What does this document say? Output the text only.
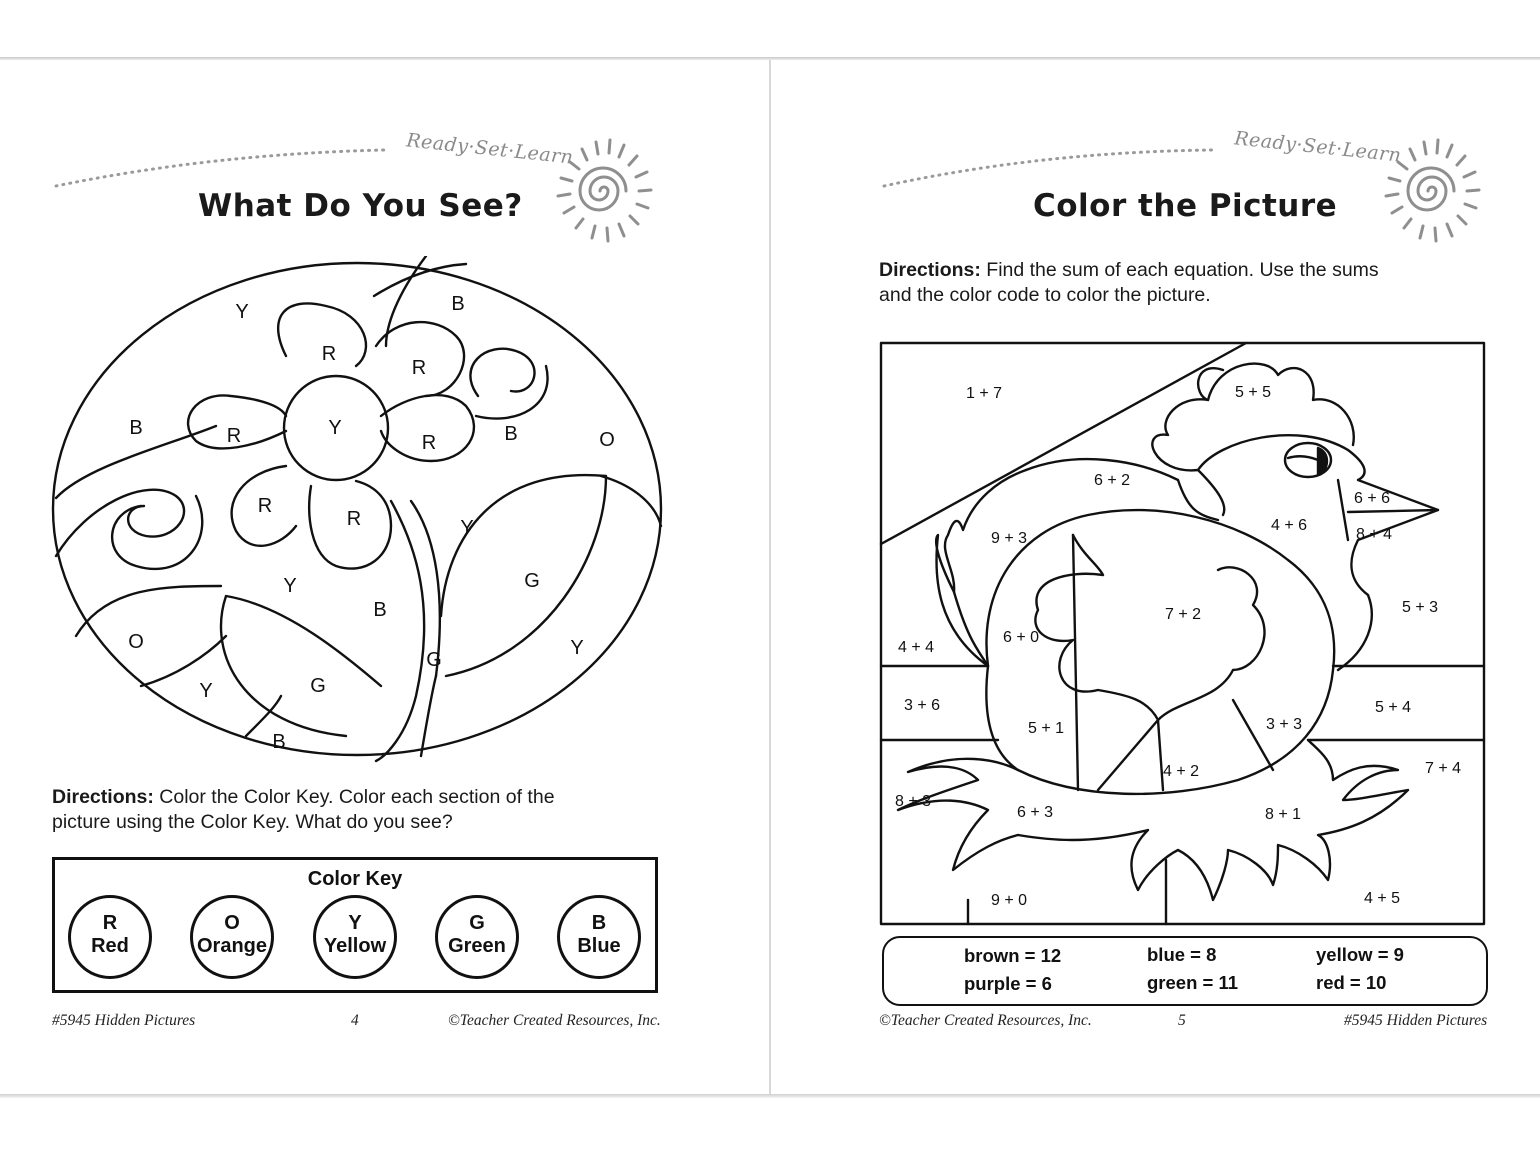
Ready·Set·Learn
What Do You See?
Y	B
R
R
B	R	Y
R	B	O
R
R	Y
Y	G
B
O	Y
G
G
Y
B
Directions: Color the Color Key. Color each section of the
picture using the Color Key. What do you see?
Color Key
R
Red
O
Orange
Y
Yellow
G
Green
B
Blue
#5945 Hidden Pictures	4	©Teacher Created Resources, Inc.
Ready·Set·Learn
Color the Picture
Directions: Find the sum of each equation. Use the sums
and the color code to color the picture.
1 + 7	5 + 5
6 + 2
6 + 6
4 + 6
8 + 4
9 + 3
7 + 2	5 + 3
6 + 0
4 + 4
3 + 6
5 + 1	3 + 3
5 + 4
4 + 2	7 + 4
8 + 3
6 + 3	8 + 1
9 + 0	4 + 5
brown = 12	blue = 8	yellow = 9
purple = 6	green = 11	red = 10
©Teacher Created Resources, Inc.	5	#5945 Hidden Pictures
